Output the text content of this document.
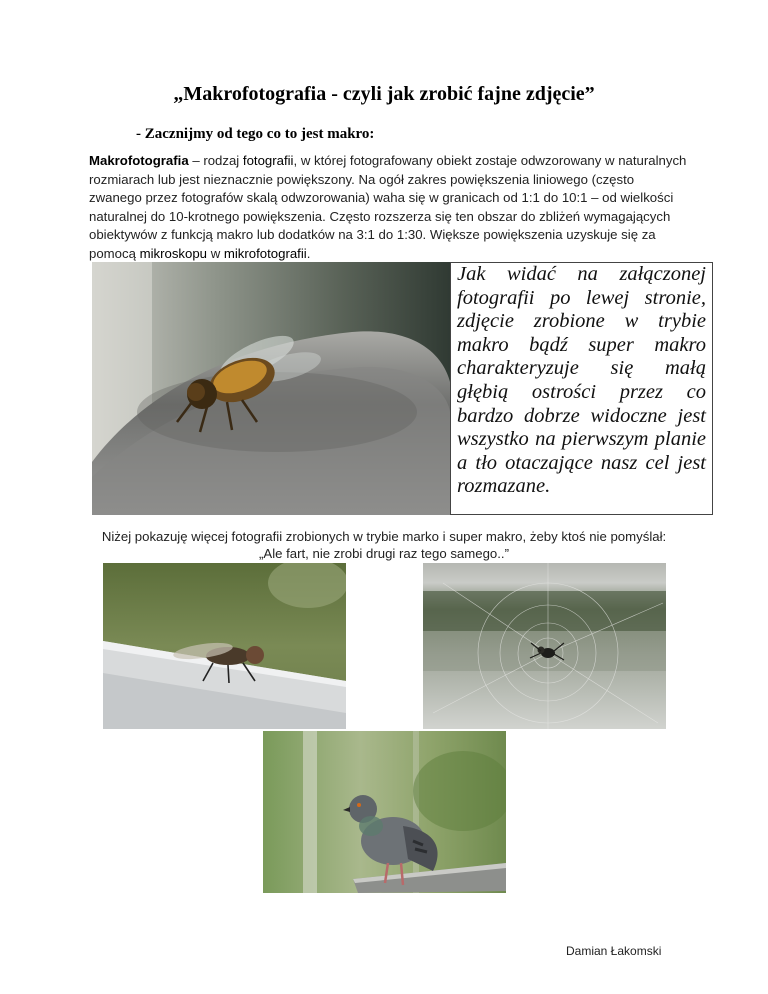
„Makrofotografia - czyli jak zrobić fajne zdjęcie”
- Zacznijmy od tego co to jest makro:
Makrofotografia – rodzaj fotografii, w której fotografowany obiekt zostaje odwzorowany w naturalnych rozmiarach lub jest nieznacznie powiększony. Na ogół zakres powiększenia liniowego (często zwanego przez fotografów skalą odwzorowania) waha się w granicach od 1:1 do 10:1 – od wielkości naturalnej do 10-krotnego powiększenia. Często rozszerza się ten obszar do zbliżeń wymagających obiektywów z funkcją makro lub dodatków na 3:1 do 1:30. Większe powiększenia uzyskuje się za pomocą mikroskopu w mikrofotografii.

Jak widać na załączonej fotografii po lewej stronie, zdjęcie zrobione w trybie makro bądź super makro charakteryzuje się małą głębią ostrości przez co bardzo dobrze widoczne jest wszystko na pierwszym planie a tło otaczające nasz cel jest rozmazane.

Niżej pokazuję więcej fotografii zrobionych w trybie marko i super makro, żeby ktoś nie pomyślał:
„Ale fart, nie zrobi drugi raz tego samego..”
Damian Łakomski
